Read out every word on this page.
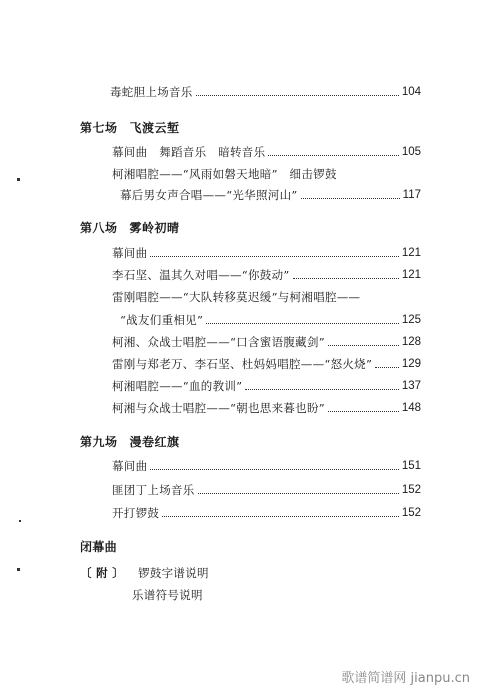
毒蛇胆上场音乐	104
第七场 飞渡云堑
幕间曲　舞蹈音乐　暗转音乐	105
柯湘唱腔——“风雨如磐天地暗”　细击锣鼓
幕后男女声合唱——“光华照河山”	117
第八场 雾岭初晴
幕间曲	121
李石坚、温其久对唱——“你鼓动”	121
雷刚唱腔——“大队转移莫迟缓”与柯湘唱腔——
“战友们重相见”	125
柯湘、众战士唱腔——“口含蜜语腹藏剑”	128
雷刚与郑老万、李石坚、杜妈妈唱腔——“怒火烧”	129
柯湘唱腔——“血的教训”	137
柯湘与众战士唱腔——“朝也思来暮也盼”	148
第九场 漫卷红旗
幕间曲	151
匪团丁上场音乐	152
开打锣鼓	152
闭幕曲
〔 附 〕 锣鼓字谱说明
乐谱符号说明
歌谱简谱网 jianpu.cn
